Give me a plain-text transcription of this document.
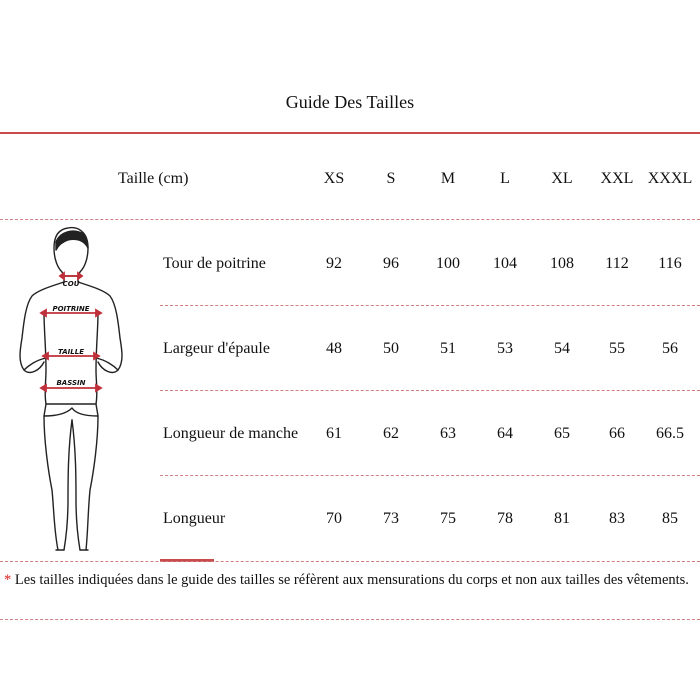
Guide Des Tailles
Taille (cm)	XS	S	M	L	XL	XXL XXXL
Tour de poitrine	92	96	100	104	108	112	116
Largeur d'épaule	48	50	51	53	54	55	56
Longueur de manche	61	62	63	64	65	66	66.5
Longueur	70	73	75	78	81	83	85
COU
POITRINE
TAILLE
BASSIN
* Les tailles indiquées dans le guide des tailles se réfèrent aux mensurations du corps et non aux tailles des vêtements.
